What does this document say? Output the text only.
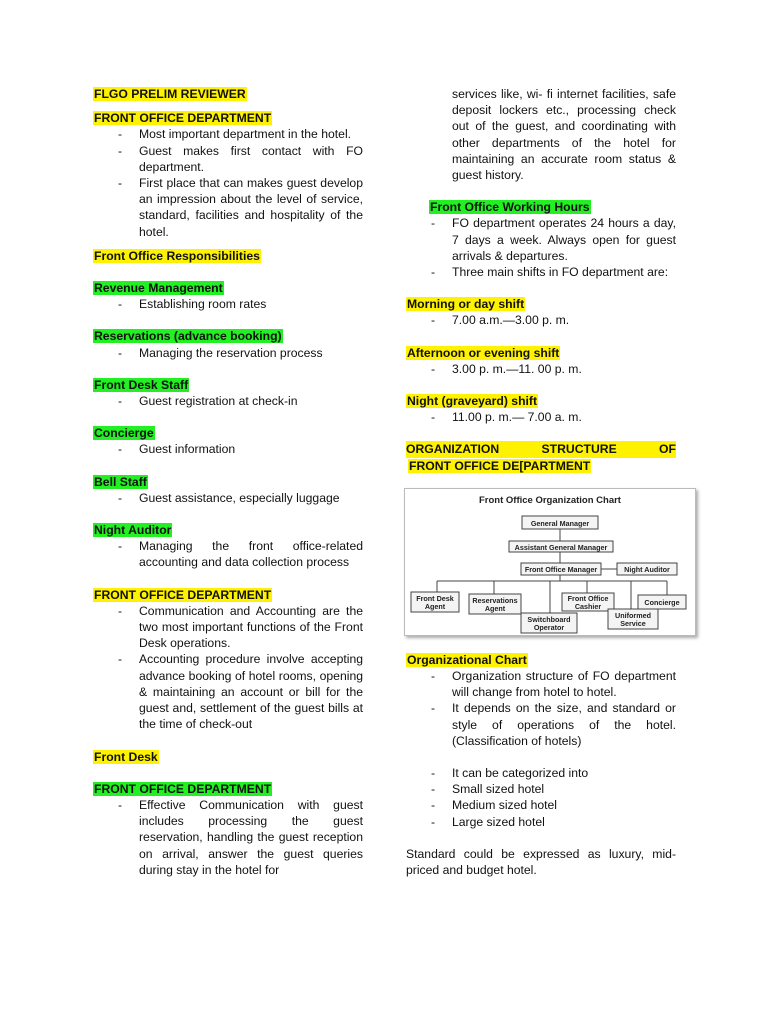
FLGO PRELIM REVIEWER
FRONT OFFICE DEPARTMENT
- Most important department in the hotel.
- Guest makes first contact with FO department.
- First place that can makes guest develop an impression about the level of service, standard, facilities and hospitality of the hotel.
Front Office Responsibilities
Revenue Management
- Establishing room rates
Reservations (advance booking)
- Managing the reservation process
Front Desk Staff
- Guest registration at check-in
Concierge
- Guest information
Bell Staff
- Guest assistance, especially luggage
Night Auditor
- Managing the front office-related accounting and data collection process
FRONT OFFICE DEPARTMENT
- Communication and Accounting are the two most important functions of the Front Desk operations.
- Accounting procedure involve accepting advance booking of hotel rooms, opening & maintaining an account or bill for the guest and, settlement of the guest bills at the time of check-out
Front Desk
FRONT OFFICE DEPARTMENT
- Effective Communication with guest includes processing the guest reservation, handling the guest reception on arrival, answer the guest queries during stay in the hotel for

services like, wi- fi internet facilities, safe deposit lockers etc., processing check out of the guest, and coordinating with other departments of the hotel for maintaining an accurate room status & guest history.

Front Office Working Hours
- FO department operates 24 hours a day, 7 days a week. Always open for guest arrivals & departures.
- Three main shifts in FO department are:
Morning or day shift
- 7.00 a.m.—3.00 p. m.
Afternoon or evening shift
- 3.00 p. m.—11. 00 p. m.
Night (graveyard) shift
- 11.00 p. m.— 7.00 a. m.
ORGANIZATION	STRUCTURE	OF
FRONT OFFICE DE[PARTMENT
Front Office Organization Chart
General Manager
Assistant General Manager
Front Office Manager	Night Auditor
Front Desk
Agent
Reservations
Agent
Front Office
Cashier	Concierge
Switchboard
Operator
Uniformed
Service
Organizational Chart
- Organization structure of FO department will change from hotel to hotel.
- It depends on the size, and standard or style of operations of the hotel. (Classification of hotels)
- It can be categorized into
- Small sized hotel
- Medium sized hotel
- Large sized hotel

Standard could be expressed as luxury, mid-priced and budget hotel.
